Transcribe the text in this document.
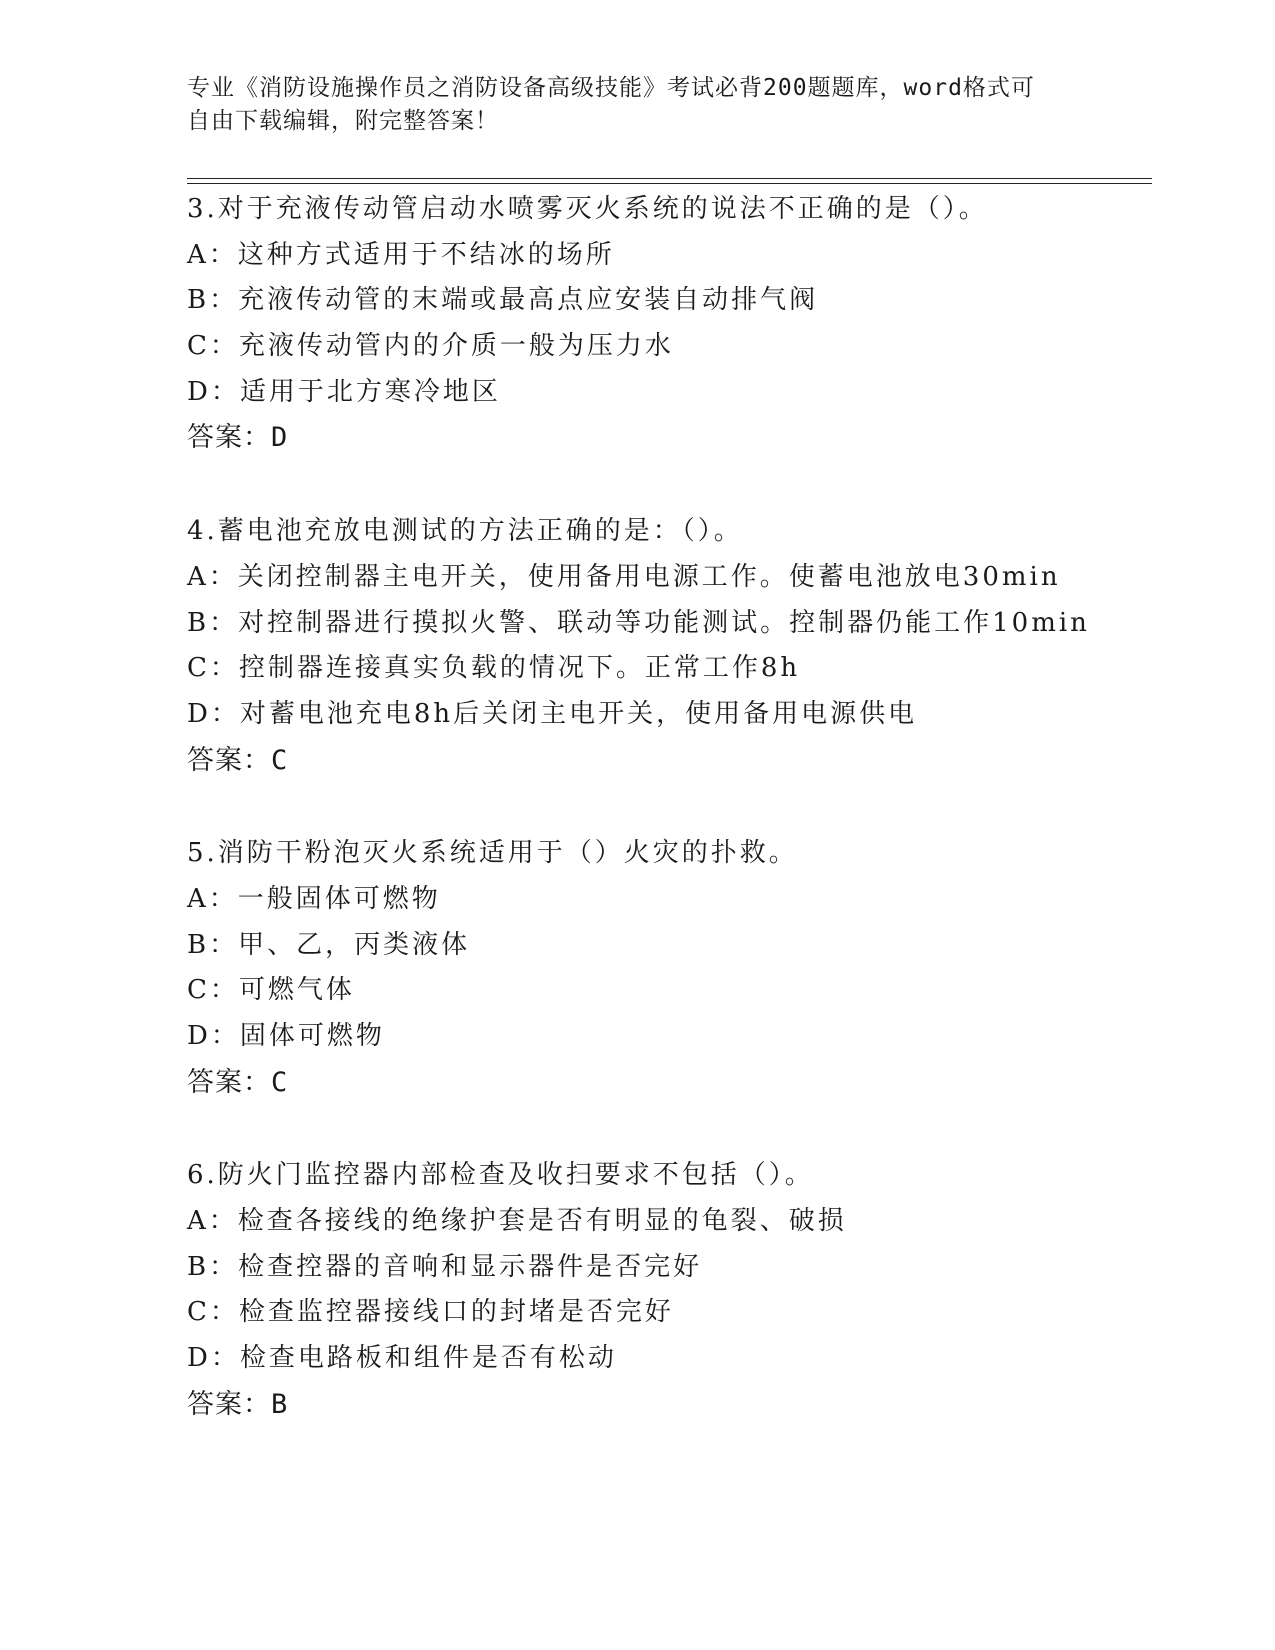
专业《消防设施操作员之消防设备高级技能》考试必背200题题库，word格式可
自由下载编辑，附完整答案！
3.对于充液传动管启动水喷雾灭火系统的说法不正确的是（）。
A：这种方式适用于不结冰的场所
B：充液传动管的末端或最高点应安装自动排气阀
C：充液传动管内的介质一般为压力水
D：适用于北方寒冷地区
答案：D
4.蓄电池充放电测试的方法正确的是：（）。
A：关闭控制器主电开关，使用备用电源工作。使蓄电池放电30min
B：对控制器进行摸拟火警、联动等功能测试。控制器仍能工作10min
C：控制器连接真实负载的情况下。正常工作8h
D：对蓄电池充电8h后关闭主电开关，使用备用电源供电
答案：C
5.消防干粉泡灭火系统适用于（）火灾的扑救。
A：一般固体可燃物
B：甲、乙，丙类液体
C：可燃气体
D：固体可燃物
答案：C
6.防火门监控器内部检查及收扫要求不包括（）。
A：检查各接线的绝缘护套是否有明显的龟裂、破损
B：检查控器的音响和显示器件是否完好
C：检查监控器接线口的封堵是否完好
D：检查电路板和组件是否有松动
答案：B
